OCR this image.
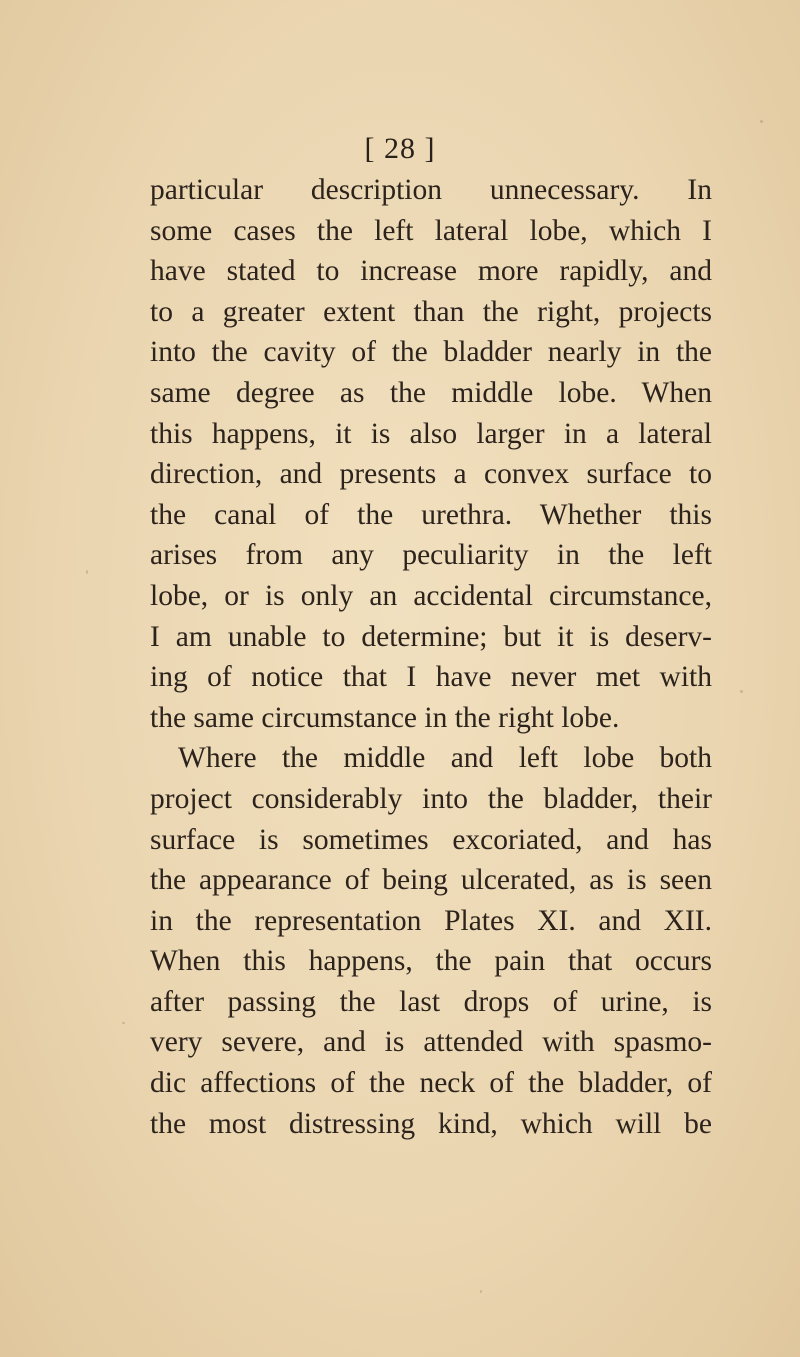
[ 28 ]
particular description unnecessary. In
some cases the left lateral lobe, which I
have stated to increase more rapidly, and
to a greater extent than the right, projects
into the cavity of the bladder nearly in the
same degree as the middle lobe. When
this happens, it is also larger in a lateral
direction, and presents a convex surface to
the canal of the urethra. Whether this
arises from any peculiarity in the left
lobe, or is only an accidental circumstance,
I am unable to determine; but it is deserv-
ing of notice that I have never met with
the same circumstance in the right lobe.
Where the middle and left lobe both
project considerably into the bladder, their
surface is sometimes excoriated, and has
the appearance of being ulcerated, as is seen
in the representation Plates XI. and XII.
When this happens, the pain that occurs
after passing the last drops of urine, is
very severe, and is attended with spasmo-
dic affections of the neck of the bladder, of
the most distressing kind, which will be
